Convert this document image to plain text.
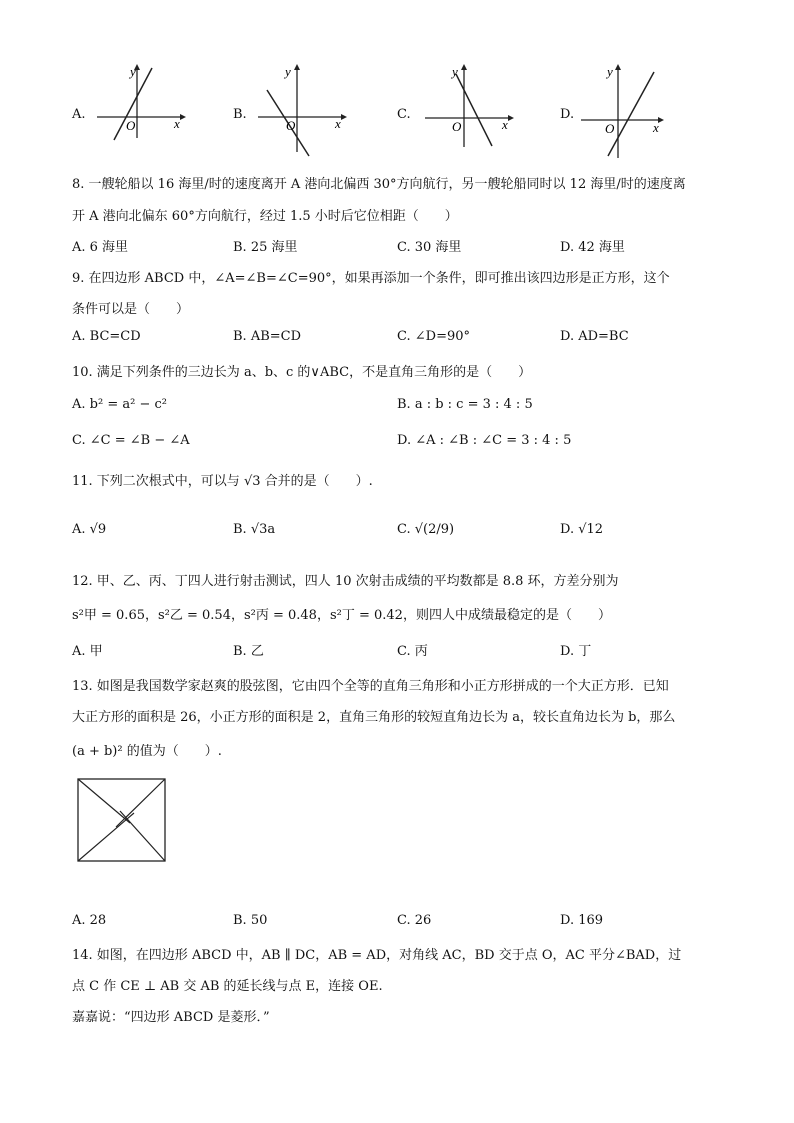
A.
y
O	x
B.
y
O	x
C.
y
O	x
D.
y
O	x
8. 一艘轮船以 16 海里/时的速度离开 A 港向北偏西 30°方向航行，另一艘轮船同时以 12 海里/时的速度离
开 A 港向北偏东 60°方向航行，经过 1.5 小时后它位相距（　　）
A. 6 海里	B. 25 海里	C. 30 海里	D. 42 海里
9. 在四边形 ABCD 中，∠A=∠B=∠C=90°，如果再添加一个条件，即可推出该四边形是正方形，这个
条件可以是（　　）
A. BC=CD	B. AB=CD	C. ∠D=90°	D. AD=BC
10. 满足下列条件的三边长为 a、b、c 的∨ABC，不是直角三角形的是（　　）
A. b² = a² − c²	B. a : b : c = 3 : 4 : 5
C. ∠C = ∠B − ∠A	D. ∠A : ∠B : ∠C = 3 : 4 : 5
11. 下列二次根式中，可以与 √3 合并的是（　　）.
A. √9	B. √3a	C. √(2/9)	D. √12
12. 甲、乙、丙、丁四人进行射击测试，四人 10 次射击成绩的平均数都是 8.8 环，方差分别为
s²甲 = 0.65，s²乙 = 0.54，s²丙 = 0.48，s²丁 = 0.42，则四人中成绩最稳定的是（　　）
A. 甲	B. 乙	C. 丙	D. 丁
13. 如图是我国数学家赵爽的股弦图，它由四个全等的直角三角形和小正方形拼成的一个大正方形．已知
大正方形的面积是 26，小正方形的面积是 2，直角三角形的较短直角边长为 a，较长直角边长为 b，那么
(a + b)² 的值为（　　）.
A. 28	B. 50	C. 26	D. 169
14. 如图，在四边形 ABCD 中，AB ∥ DC，AB = AD，对角线 AC，BD 交于点 O，AC 平分∠BAD，过
点 C 作 CE ⊥ AB 交 AB 的延长线与点 E，连接 OE.
嘉嘉说：“四边形 ABCD 是菱形．”
